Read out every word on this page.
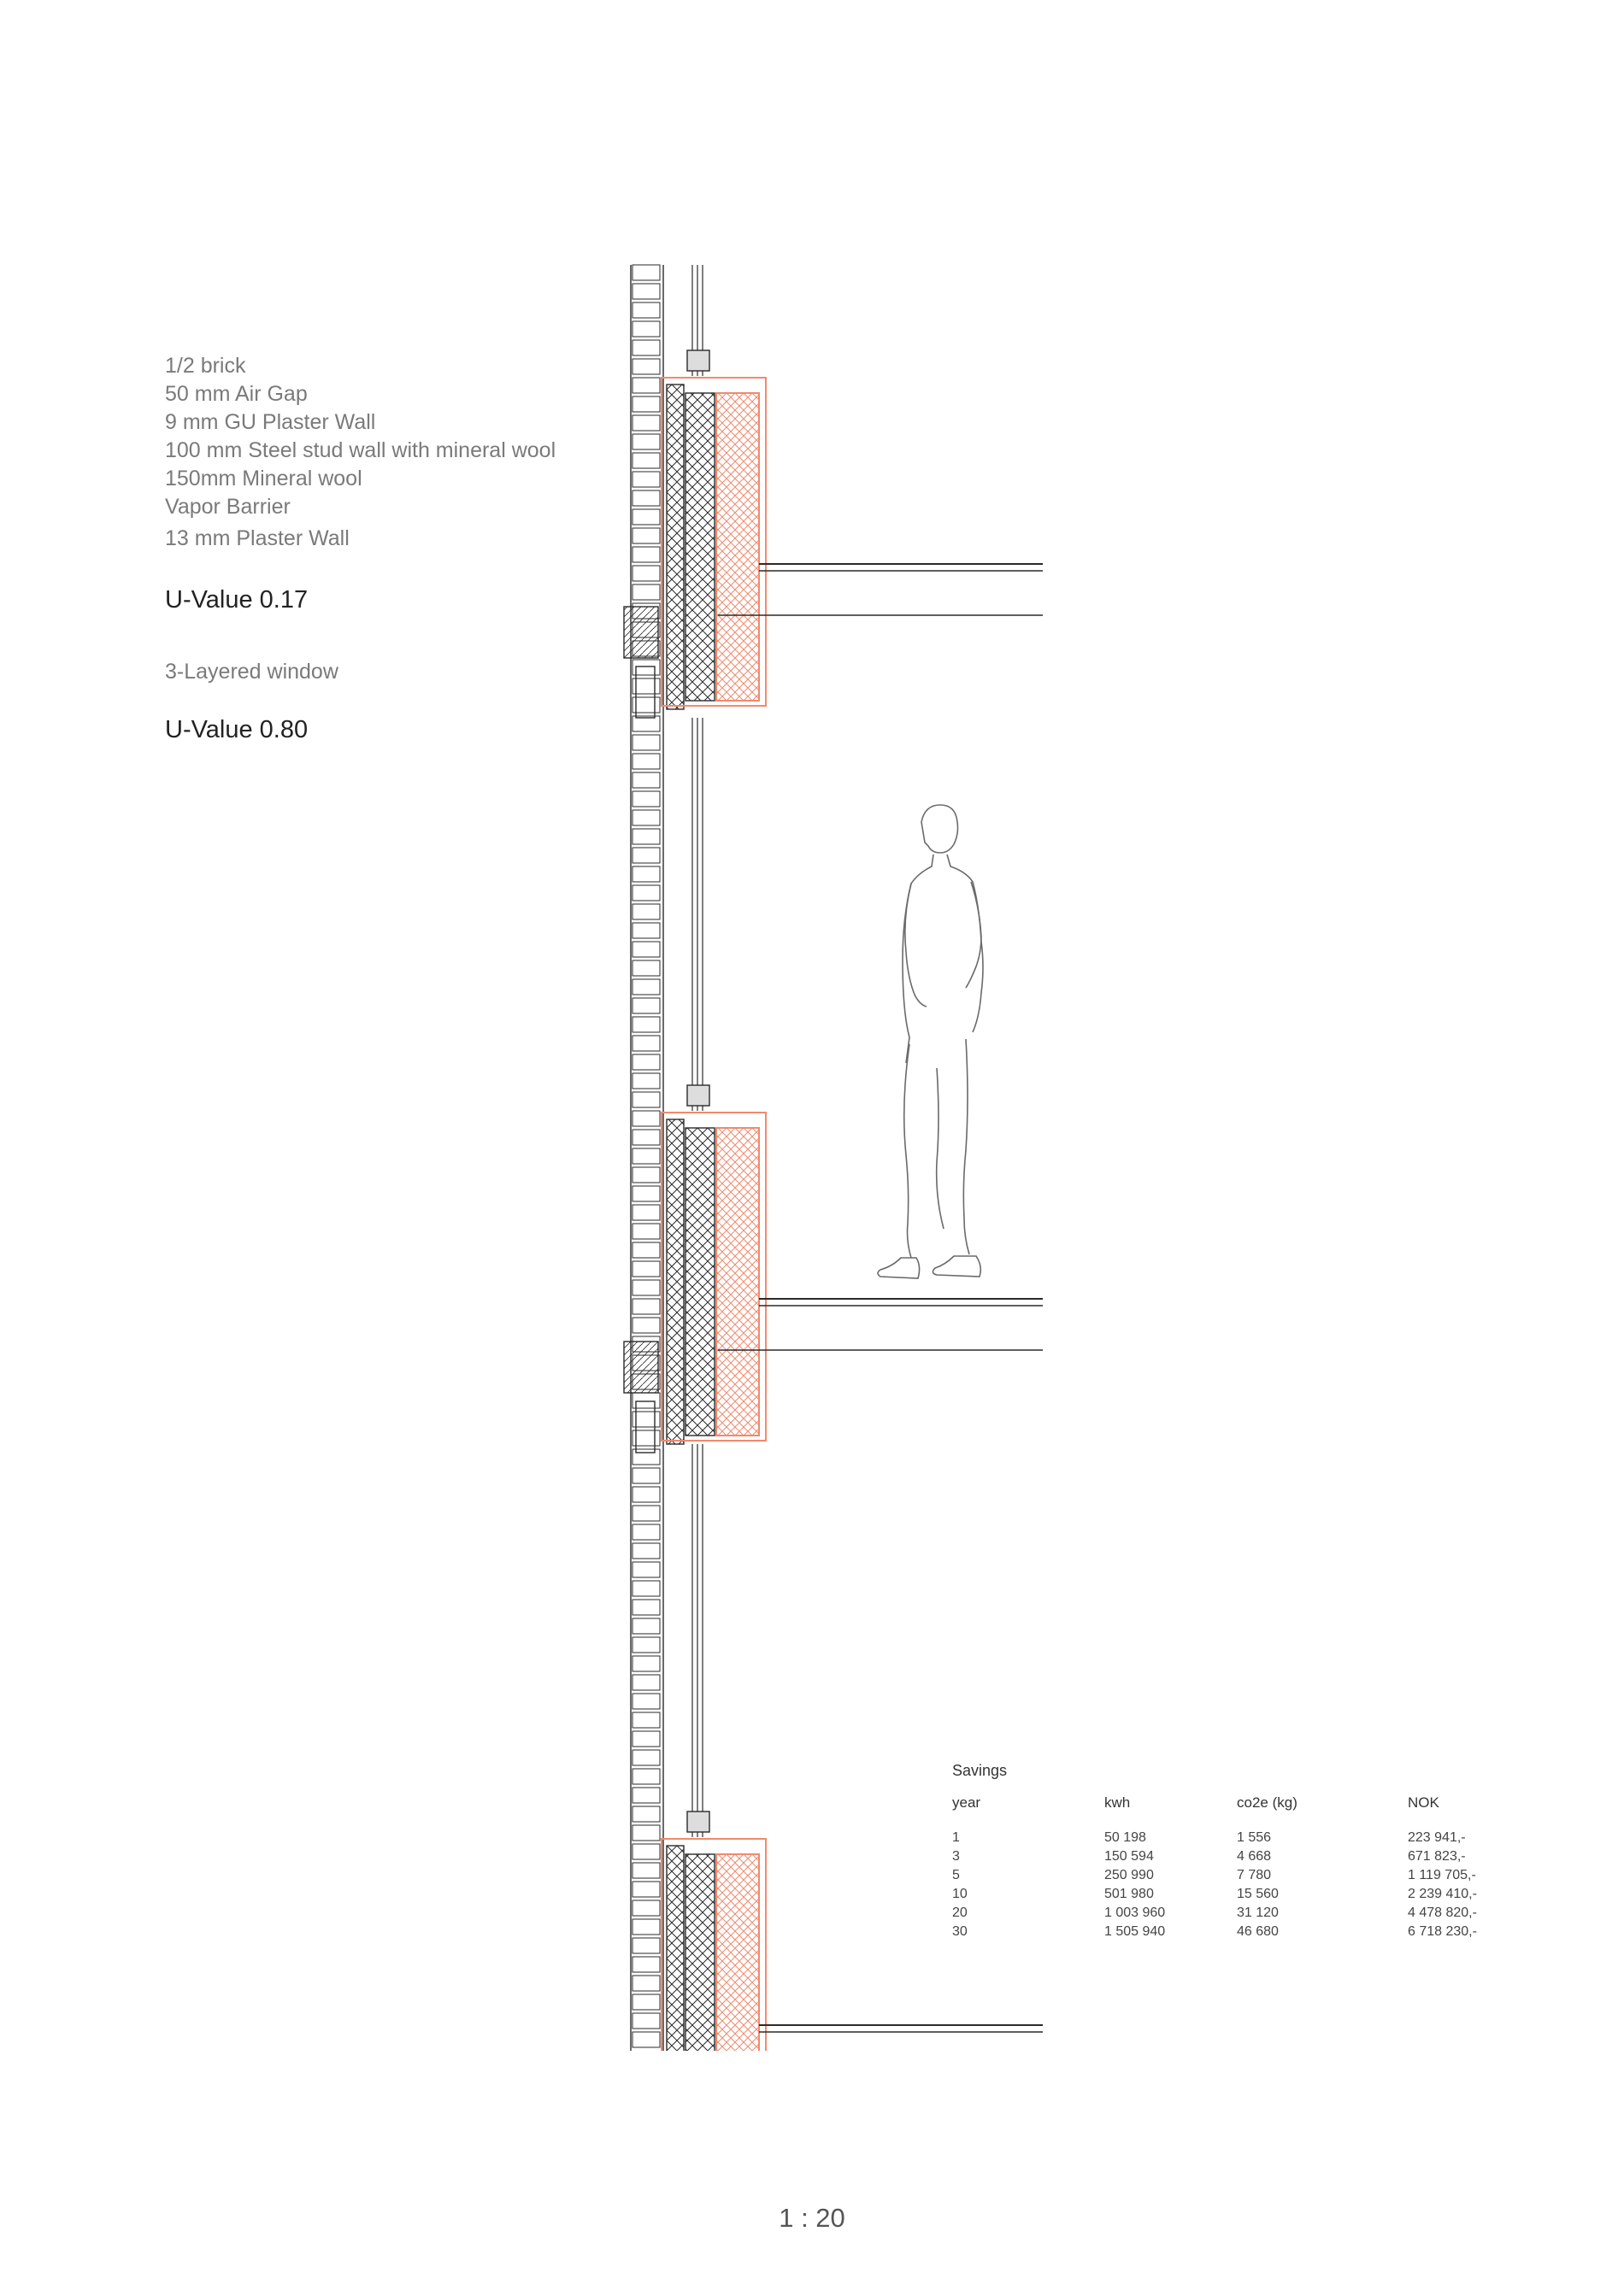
1/2 brick
50 mm Air Gap
9 mm GU Plaster Wall
100 mm Steel stud wall with mineral wool
150mm Mineral wool
Vapor Barrier
13 mm Plaster Wall
U-Value 0.17
3-Layered window
U-Value 0.80
Savings
year	kwh	co2e (kg)	NOK
1	50 198	1 556	223 941,-
3	150 594	4 668	671 823,-
5	250 990	7 780	1 119 705,-
10	501 980	15 560	2 239 410,-
20	1 003 960	31 120	4 478 820,-
30	1 505 940	46 680	6 718 230,-
1 : 20
